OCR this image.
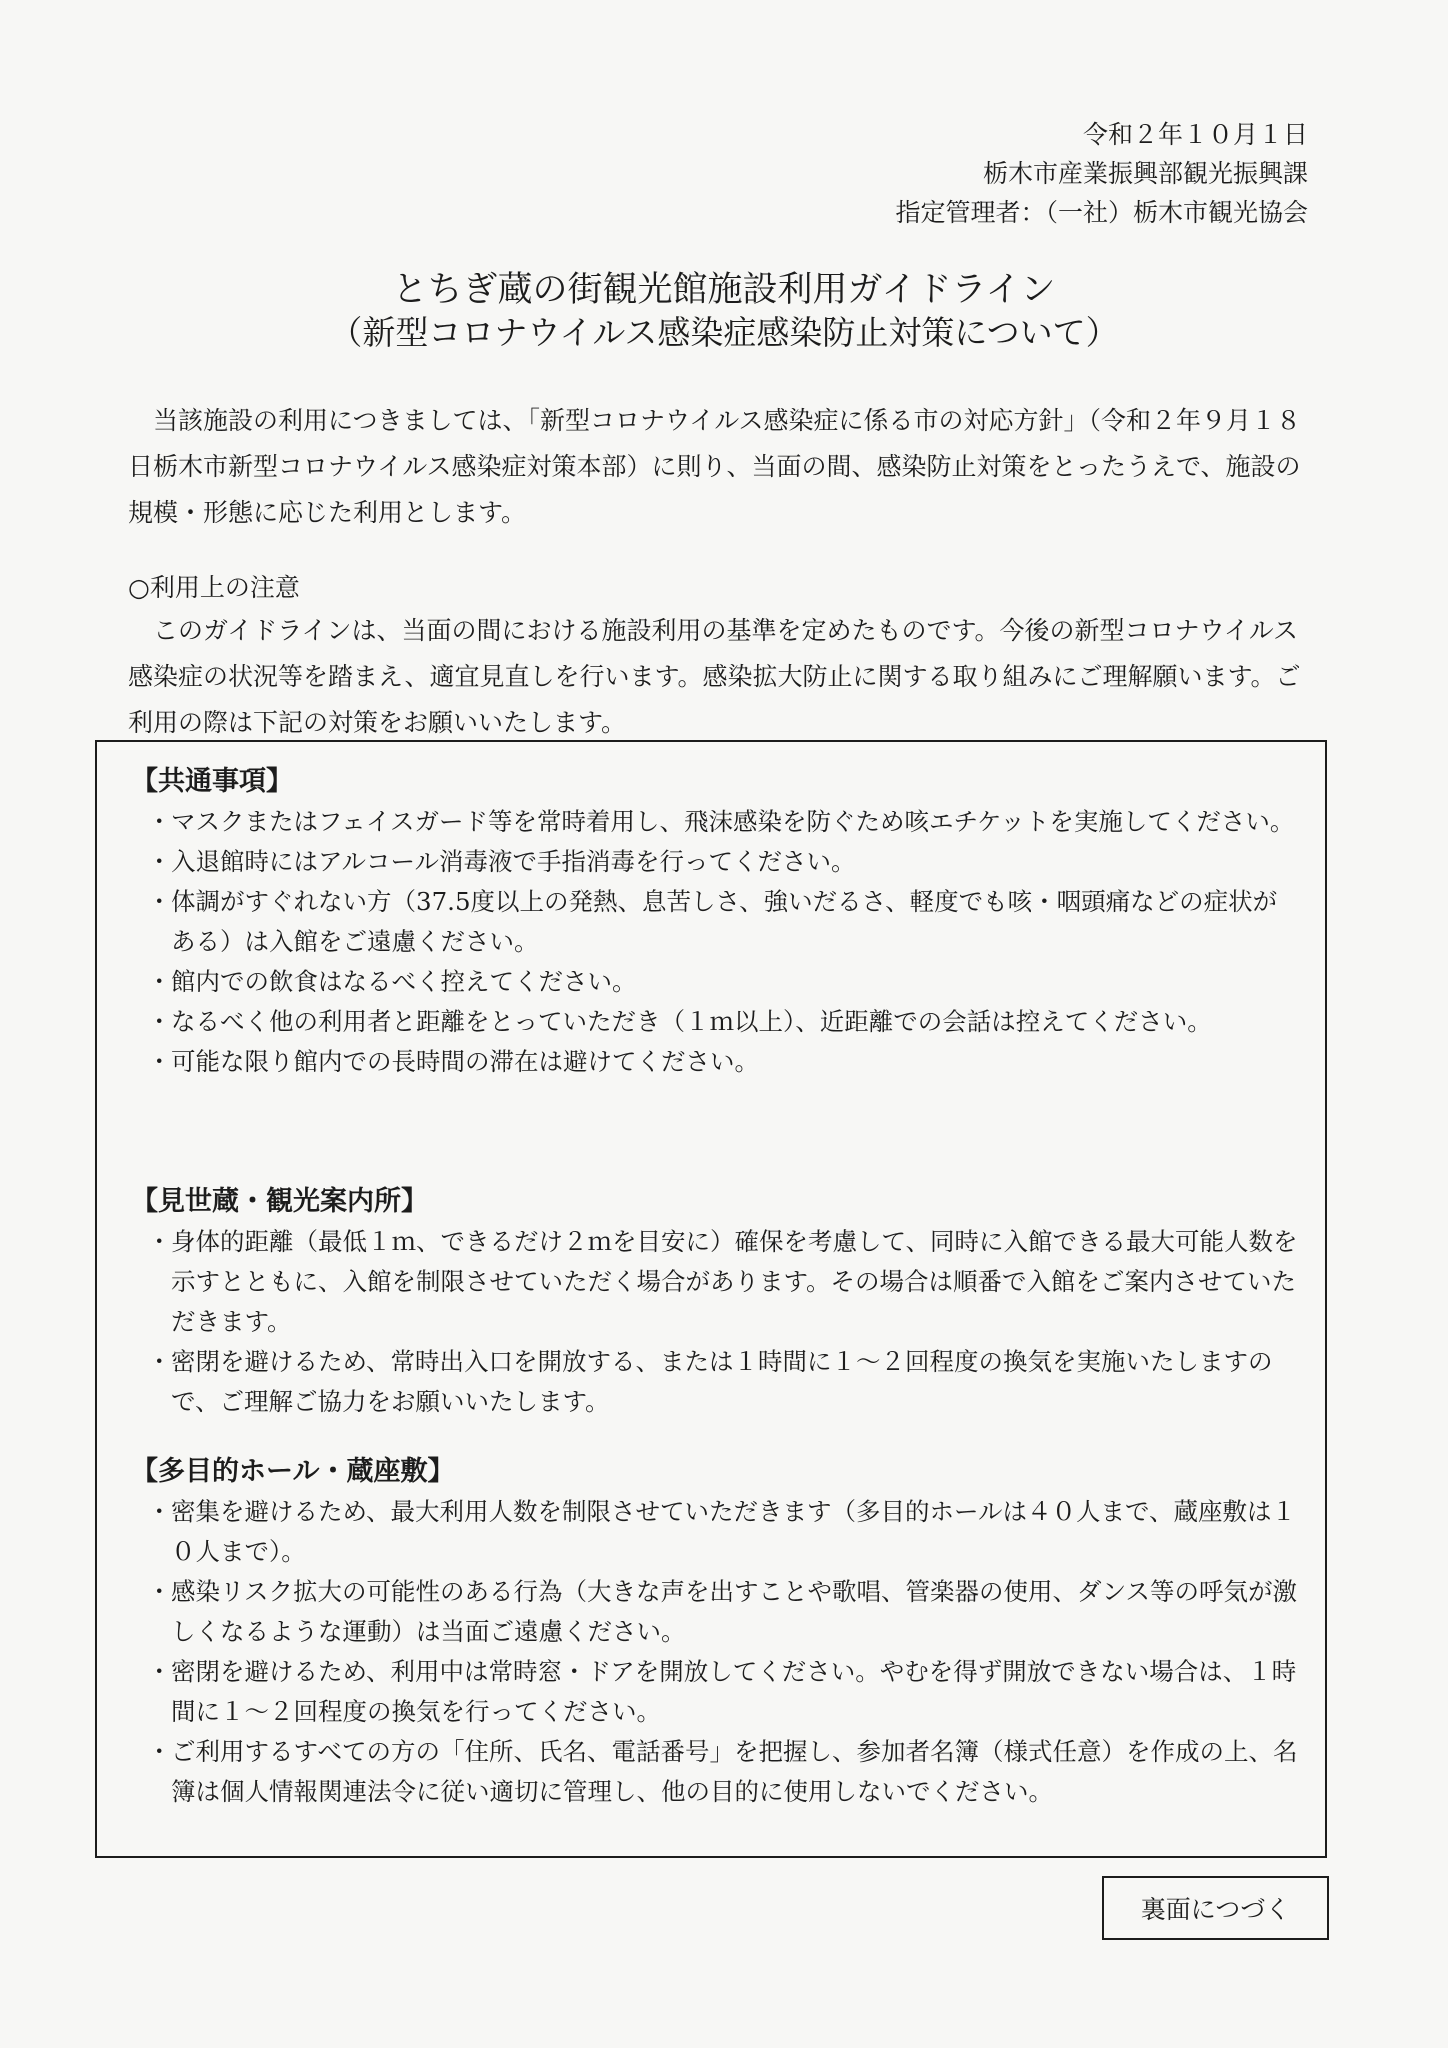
令和２年１０月１日
栃木市産業振興部観光振興課
指定管理者：（一社）栃木市観光協会
とちぎ蔵の街観光館施設利用ガイドライン
（新型コロナウイルス感染症感染防止対策について）
当該施設の利用につきましては、「新型コロナウイルス感染症に係る市の対応方針」（令和２年９月１８日栃木市新型コロナウイルス感染症対策本部）に則り、当面の間、感染防止対策をとったうえで、施設の規模・形態に応じた利用とします。
○利用上の注意
このガイドラインは、当面の間における施設利用の基準を定めたものです。今後の新型コロナウイルス感染症の状況等を踏まえ、適宜見直しを行います。感染拡大防止に関する取り組みにご理解願います。ご利用の際は下記の対策をお願いいたします。
【共通事項】
・ マスクまたはフェイスガード等を常時着用し、飛沫感染を防ぐため咳エチケットを実施してください。
・ 入退館時にはアルコール消毒液で手指消毒を行ってください。
・ 体調がすぐれない方（37.5度以上の発熱、息苦しさ、強いだるさ、軽度でも咳・咽頭痛などの症状がある）は入館をご遠慮ください。
・ 館内での飲食はなるべく控えてください。
・ なるべく他の利用者と距離をとっていただき（１ｍ以上）、近距離での会話は控えてください。
・ 可能な限り館内での長時間の滞在は避けてください。
【見世蔵・観光案内所】
・ 身体的距離（最低１ｍ、できるだけ２ｍを目安に）確保を考慮して、同時に入館できる最大可能人数を示すとともに、入館を制限させていただく場合があります。その場合は順番で入館をご案内させていただきます。
・ 密閉を避けるため、常時出入口を開放する、または１時間に１～２回程度の換気を実施いたしますので、ご理解ご協力をお願いいたします。
【多目的ホール・蔵座敷】
・ 密集を避けるため、最大利用人数を制限させていただきます（多目的ホールは４０人まで、蔵座敷は１０人まで）。
・ 感染リスク拡大の可能性のある行為（大きな声を出すことや歌唱、管楽器の使用、ダンス等の呼気が激しくなるような運動）は当面ご遠慮ください。
・ 密閉を避けるため、利用中は常時窓・ドアを開放してください。やむを得ず開放できない場合は、１時間に１～２回程度の換気を行ってください。
・ ご利用するすべての方の「住所、氏名、電話番号」を把握し、参加者名簿（様式任意）を作成の上、名簿は個人情報関連法令に従い適切に管理し、他の目的に使用しないでください。
裏面につづく
